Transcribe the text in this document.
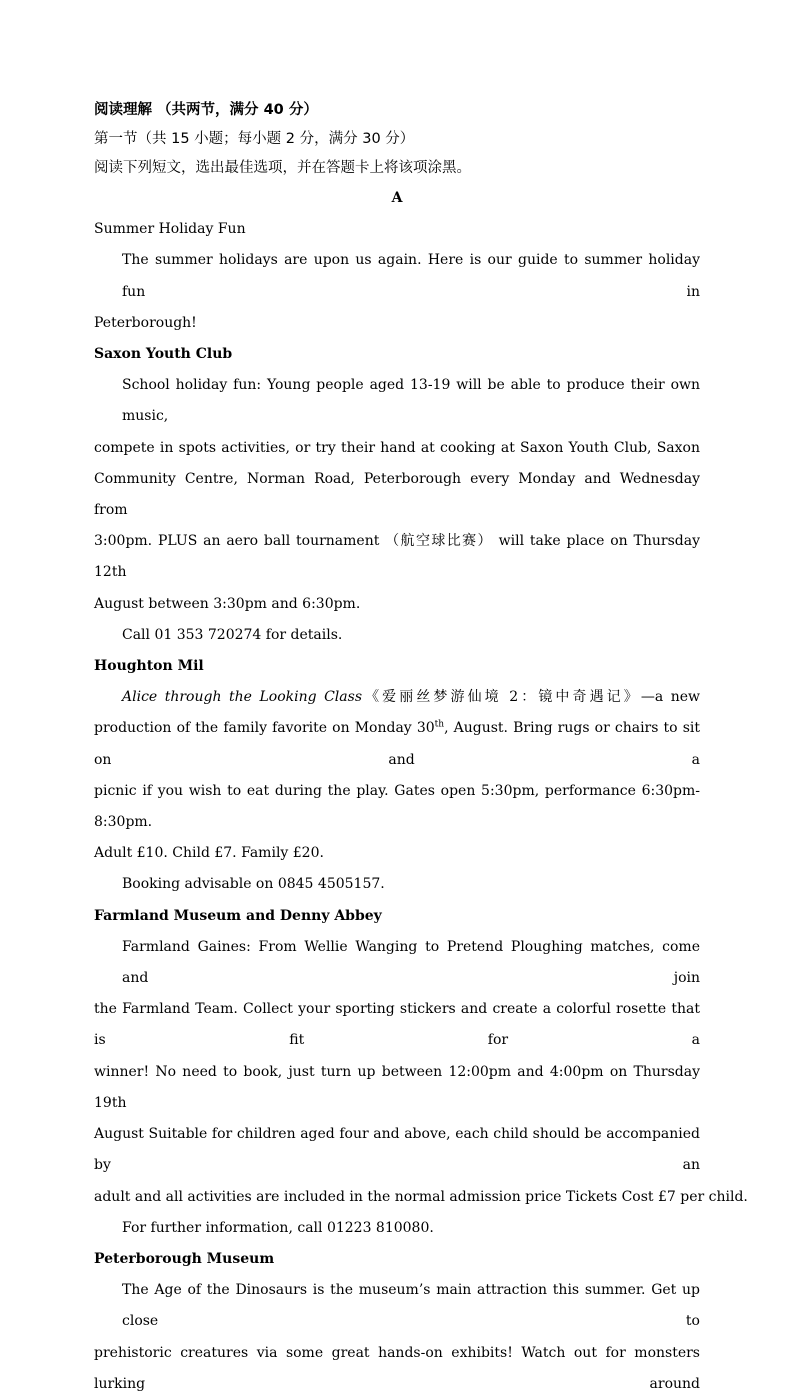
阅读理解 （共两节，满分 40 分）
第一节（共 15 小题；每小题 2 分，满分 30 分）
阅读下列短文，选出最佳选项，并在答题卡上将该项涂黑。
A
Summer Holiday Fun
The summer holidays are upon us again. Here is our guide to summer holiday fun in
Peterborough!
Saxon Youth Club
School holiday fun: Young people aged 13-19 will be able to produce their own music,
compete in spots activities, or try their hand at cooking at Saxon Youth Club, Saxon
Community Centre, Norman Road, Peterborough every Monday and Wednesday from
3:00pm. PLUS an aero ball tournament （航空球比赛） will take place on Thursday 12th
August between 3:30pm and 6:30pm.
Call 01 353 720274 for details.
Houghton Mil
Alice through the Looking Class《爱丽丝梦游仙境 2：镜中奇遇记》—a new
production of the family favorite on Monday 30th, August. Bring rugs or chairs to sit on and a
picnic if you wish to eat during the play. Gates open 5:30pm, performance 6:30pm-8:30pm.
Adult £10. Child £7. Family £20.
Booking advisable on 0845 4505157.
Farmland Museum and Denny Abbey
Farmland Gaines: From Wellie Wanging to Pretend Ploughing matches, come and join
the Farmland Team. Collect your sporting stickers and create a colorful rosette that is fit for a
winner! No need to book, just turn up between 12:00pm and 4:00pm on Thursday 19th
August Suitable for children aged four and above, each child should be accompanied by an
adult and all activities are included in the normal admission price Tickets Cost £7 per child.
For further information, call 01223 810080.
Peterborough Museum
The Age of the Dinosaurs is the museum’s main attraction this summer. Get up close to
prehistoric creatures via some great hands-on exhibits! Watch out for monsters lurking around
